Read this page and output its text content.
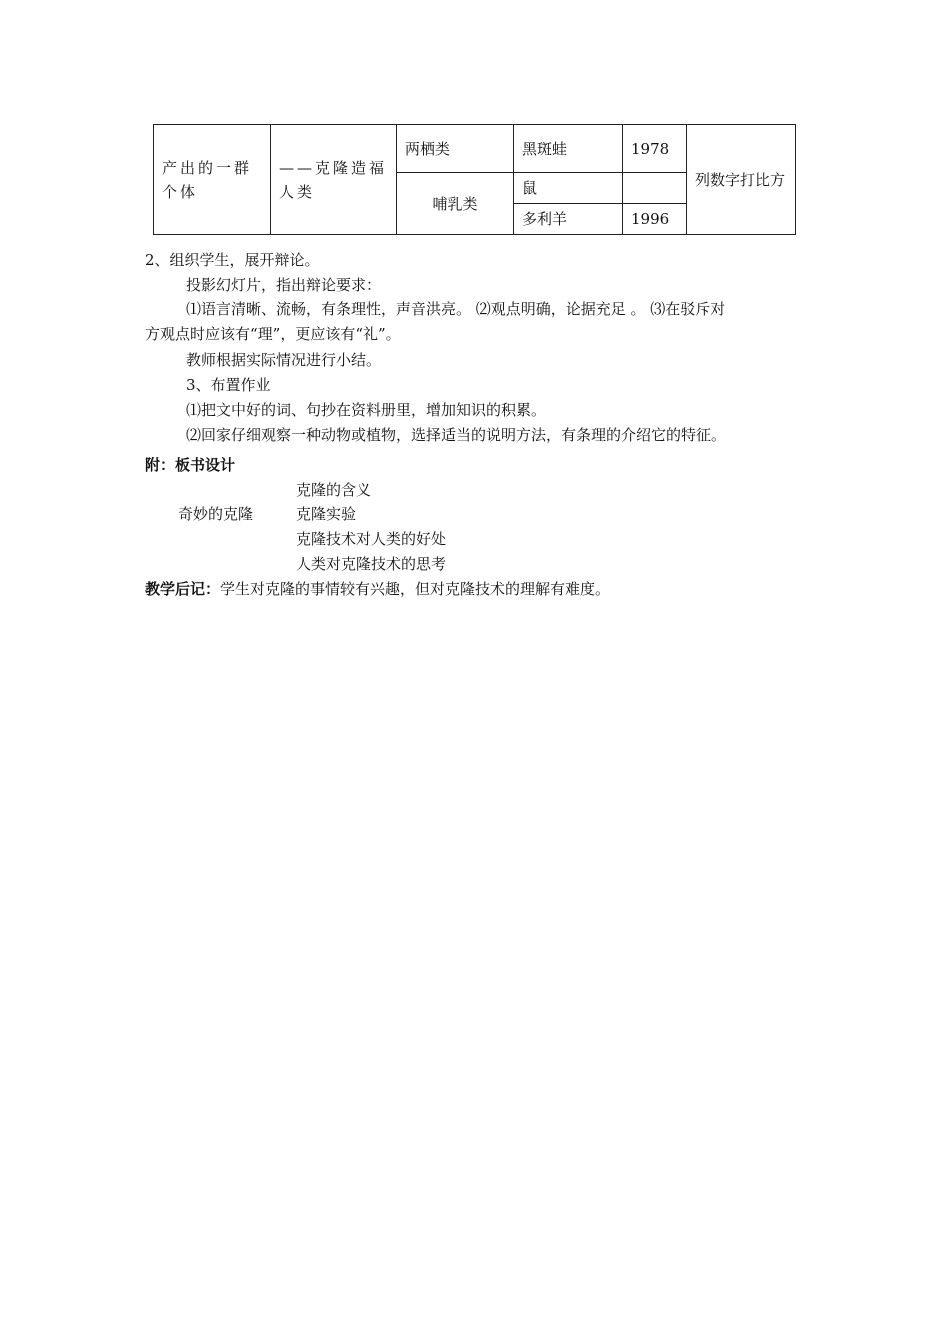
产出的一群个体	——克隆造福人类	两栖类	黑斑蛙	1978	列数字打比方
		哺乳类	鼠		
			多利羊	1996	
2、组织学生，展开辩论。
投影幻灯片，指出辩论要求：
⑴语言清晰、流畅，有条理性，声音洪亮。 ⑵观点明确，论据充足 。 ⑶在驳斥对
方观点时应该有“理”，更应该有“礼”。
教师根据实际情况进行小结。
3、布置作业
⑴把文中好的词、句抄在资料册里，增加知识的积累。
⑵回家仔细观察一种动物或植物，选择适当的说明方法，有条理的介绍它的特征。
附：板书设计
克隆的含义
奇妙的克隆	克隆实验
克隆技术对人类的好处
人类对克隆技术的思考
教学后记：学生对克隆的事情较有兴趣，但对克隆技术的理解有难度。
